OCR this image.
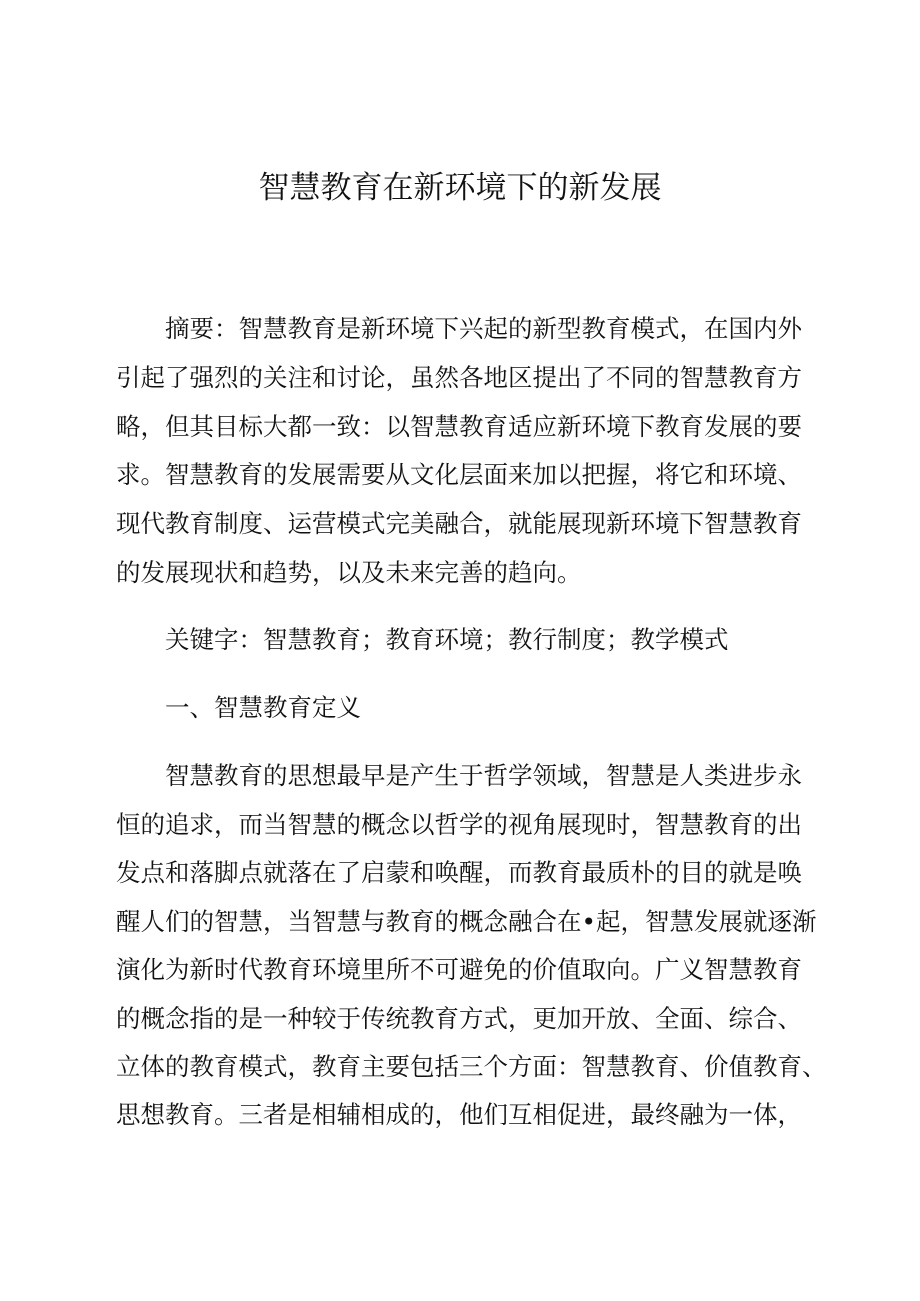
智慧教育在新环境下的新发展

摘要：智慧教育是新环境下兴起的新型教育模式，在国内外

引起了强烈的关注和讨论，虽然各地区提出了不同的智慧教育方

略，但其目标大都一致：以智慧教育适应新环境下教育发展的要

求。智慧教育的发展需要从文化层面来加以把握，将它和环境、

现代教育制度、运营模式完美融合，就能展现新环境下智慧教育

的发展现状和趋势，以及未来完善的趋向。

关键字：智慧教育；教育环境；教行制度；教学模式

一、智慧教育定义

智慧教育的思想最早是产生于哲学领域，智慧是人类进步永

恒的追求，而当智慧的概念以哲学的视角展现时，智慧教育的出

发点和落脚点就落在了启蒙和唤醒，而教育最质朴的目的就是唤

醒人们的智慧，当智慧与教育的概念融合在•起，智慧发展就逐渐

演化为新时代教育环境里所不可避免的价值取向。广义智慧教育

的概念指的是一种较于传统教育方式，更加开放、全面、综合、

立体的教育模式，教育主要包括三个方面：智慧教育、价值教育、

思想教育。三者是相辅相成的，他们互相促进，最终融为一体，
